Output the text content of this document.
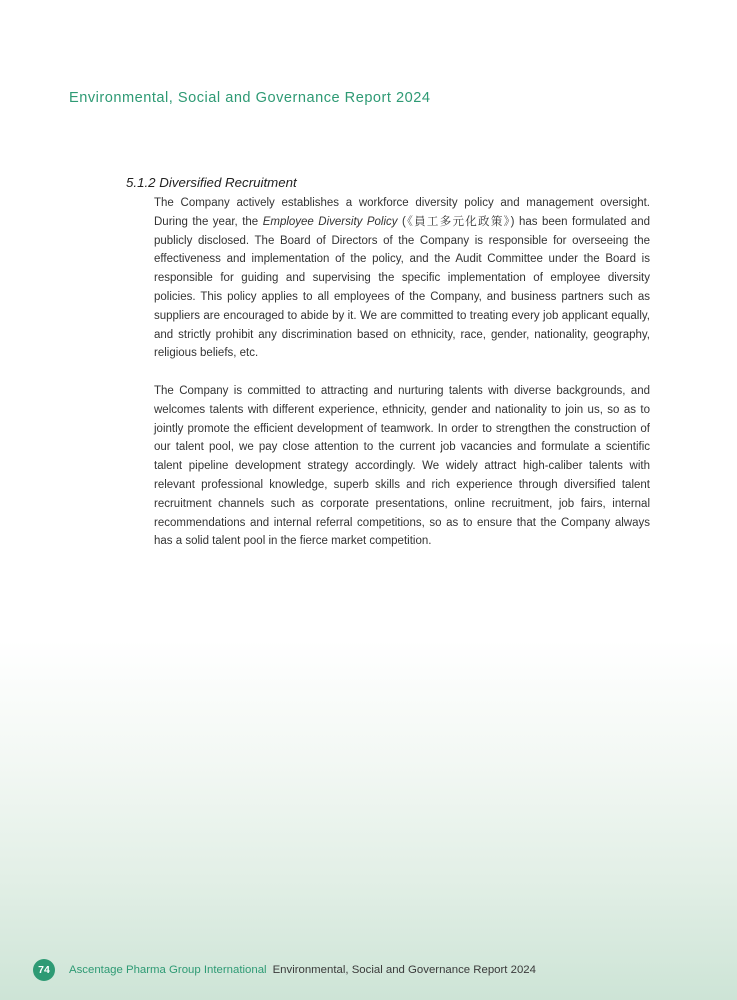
Environmental, Social and Governance Report 2024
5.1.2 Diversified Recruitment

The Company actively establishes a workforce diversity policy and management oversight. During the year, the Employee Diversity Policy (《員工多元化政策》) has been formulated and publicly disclosed. The Board of Directors of the Company is responsible for overseeing the effectiveness and implementation of the policy, and the Audit Committee under the Board is responsible for guiding and supervising the specific implementation of employee diversity policies. This policy applies to all employees of the Company, and business partners such as suppliers are encouraged to abide by it. We are committed to treating every job applicant equally, and strictly prohibit any discrimination based on ethnicity, race, gender, nationality, geography, religious beliefs, etc.

The Company is committed to attracting and nurturing talents with diverse backgrounds, and welcomes talents with different experience, ethnicity, gender and nationality to join us, so as to jointly promote the efficient development of teamwork. In order to strengthen the construction of our talent pool, we pay close attention to the current job vacancies and formulate a scientific talent pipeline development strategy accordingly. We widely attract high-caliber talents with relevant professional knowledge, superb skills and rich experience through diversified talent recruitment channels such as corporate presentations, online recruitment, job fairs, internal recommendations and internal referral competitions, so as to ensure that the Company always has a solid talent pool in the fierce market competition.

74	Ascentage Pharma Group International Environmental, Social and Governance Report 2024
